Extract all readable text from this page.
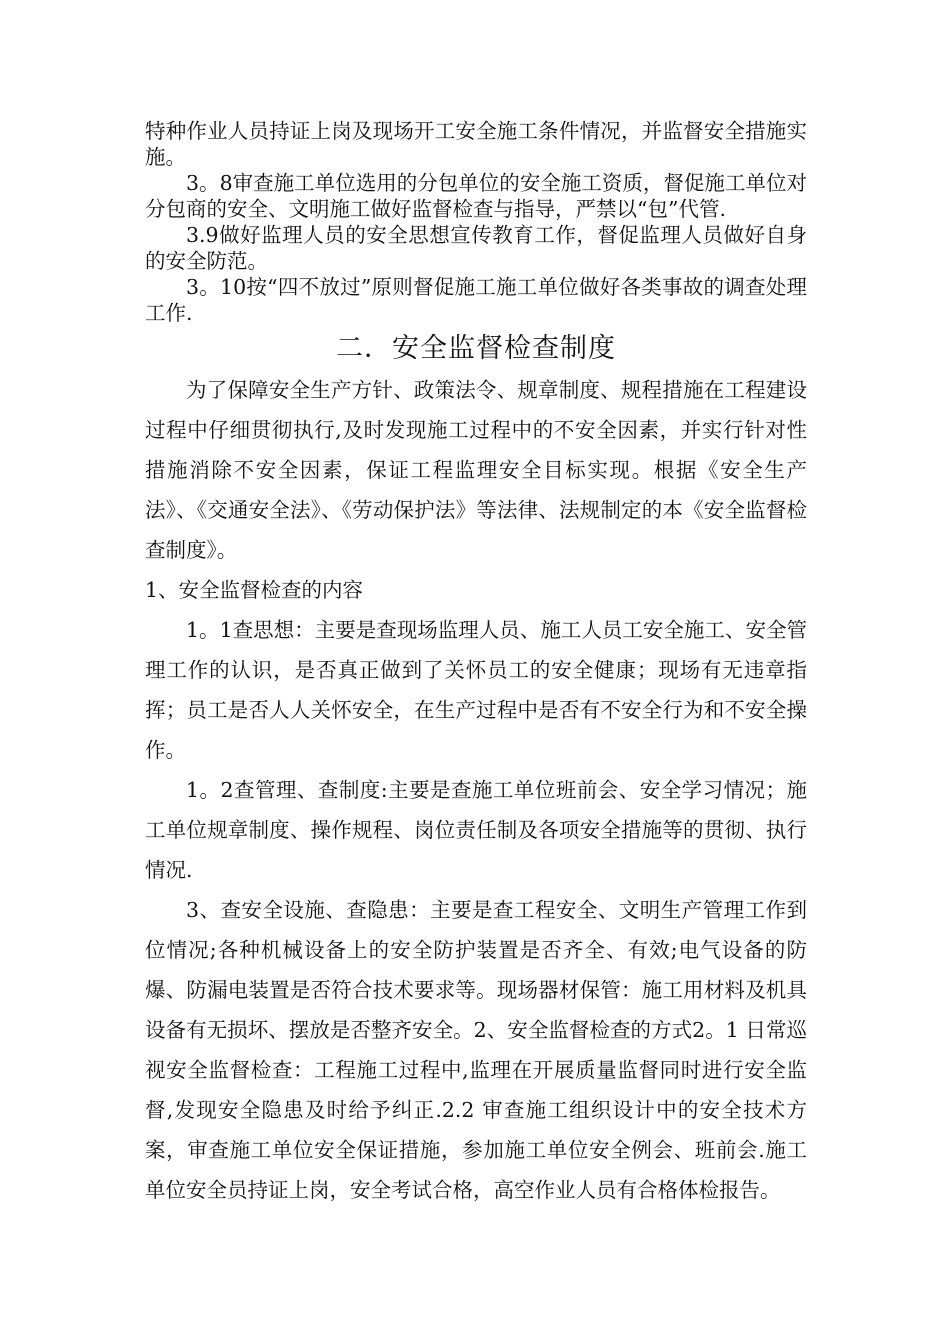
特种作业人员持证上岗及现场开工安全施工条件情况，并监督安全措施实施。

3。8审查施工单位选用的分包单位的安全施工资质，督促施工单位对分包商的安全、文明施工做好监督检查与指导，严禁以“包”代管.

3.9做好监理人员的安全思想宣传教育工作，督促监理人员做好自身的安全防范。

3。10按“四不放过”原则督促施工施工单位做好各类事故的调查处理工作.

二．安全监督检查制度

为了保障安全生产方针、政策法令、规章制度、规程措施在工程建设过程中仔细贯彻执行,及时发现施工过程中的不安全因素，并实行针对性措施消除不安全因素，保证工程监理安全目标实现。根据《安全生产法》、《交通安全法》、《劳动保护法》等法律、法规制定的本《安全监督检查制度》。

1、安全监督检查的内容

1。1查思想：主要是查现场监理人员、施工人员工安全施工、安全管理工作的认识，是否真正做到了关怀员工的安全健康；现场有无违章指挥；员工是否人人关怀安全，在生产过程中是否有不安全行为和不安全操作。

1。2查管理、查制度:主要是查施工单位班前会、安全学习情况；施工单位规章制度、操作规程、岗位责任制及各项安全措施等的贯彻、执行情况.

3、查安全设施、查隐患：主要是查工程安全、文明生产管理工作到位情况;各种机械设备上的安全防护装置是否齐全、有效;电气设备的防爆、防漏电装置是否符合技术要求等。现场器材保管：施工用材料及机具设备有无损坏、摆放是否整齐安全。2、安全监督检查的方式2。1 日常巡视安全监督检查：工程施工过程中,监理在开展质量监督同时进行安全监督,发现安全隐患及时给予纠正.2.2 审查施工组织设计中的安全技术方案，审查施工单位安全保证措施，参加施工单位安全例会、班前会.施工单位安全员持证上岗，安全考试合格，高空作业人员有合格体检报告。
